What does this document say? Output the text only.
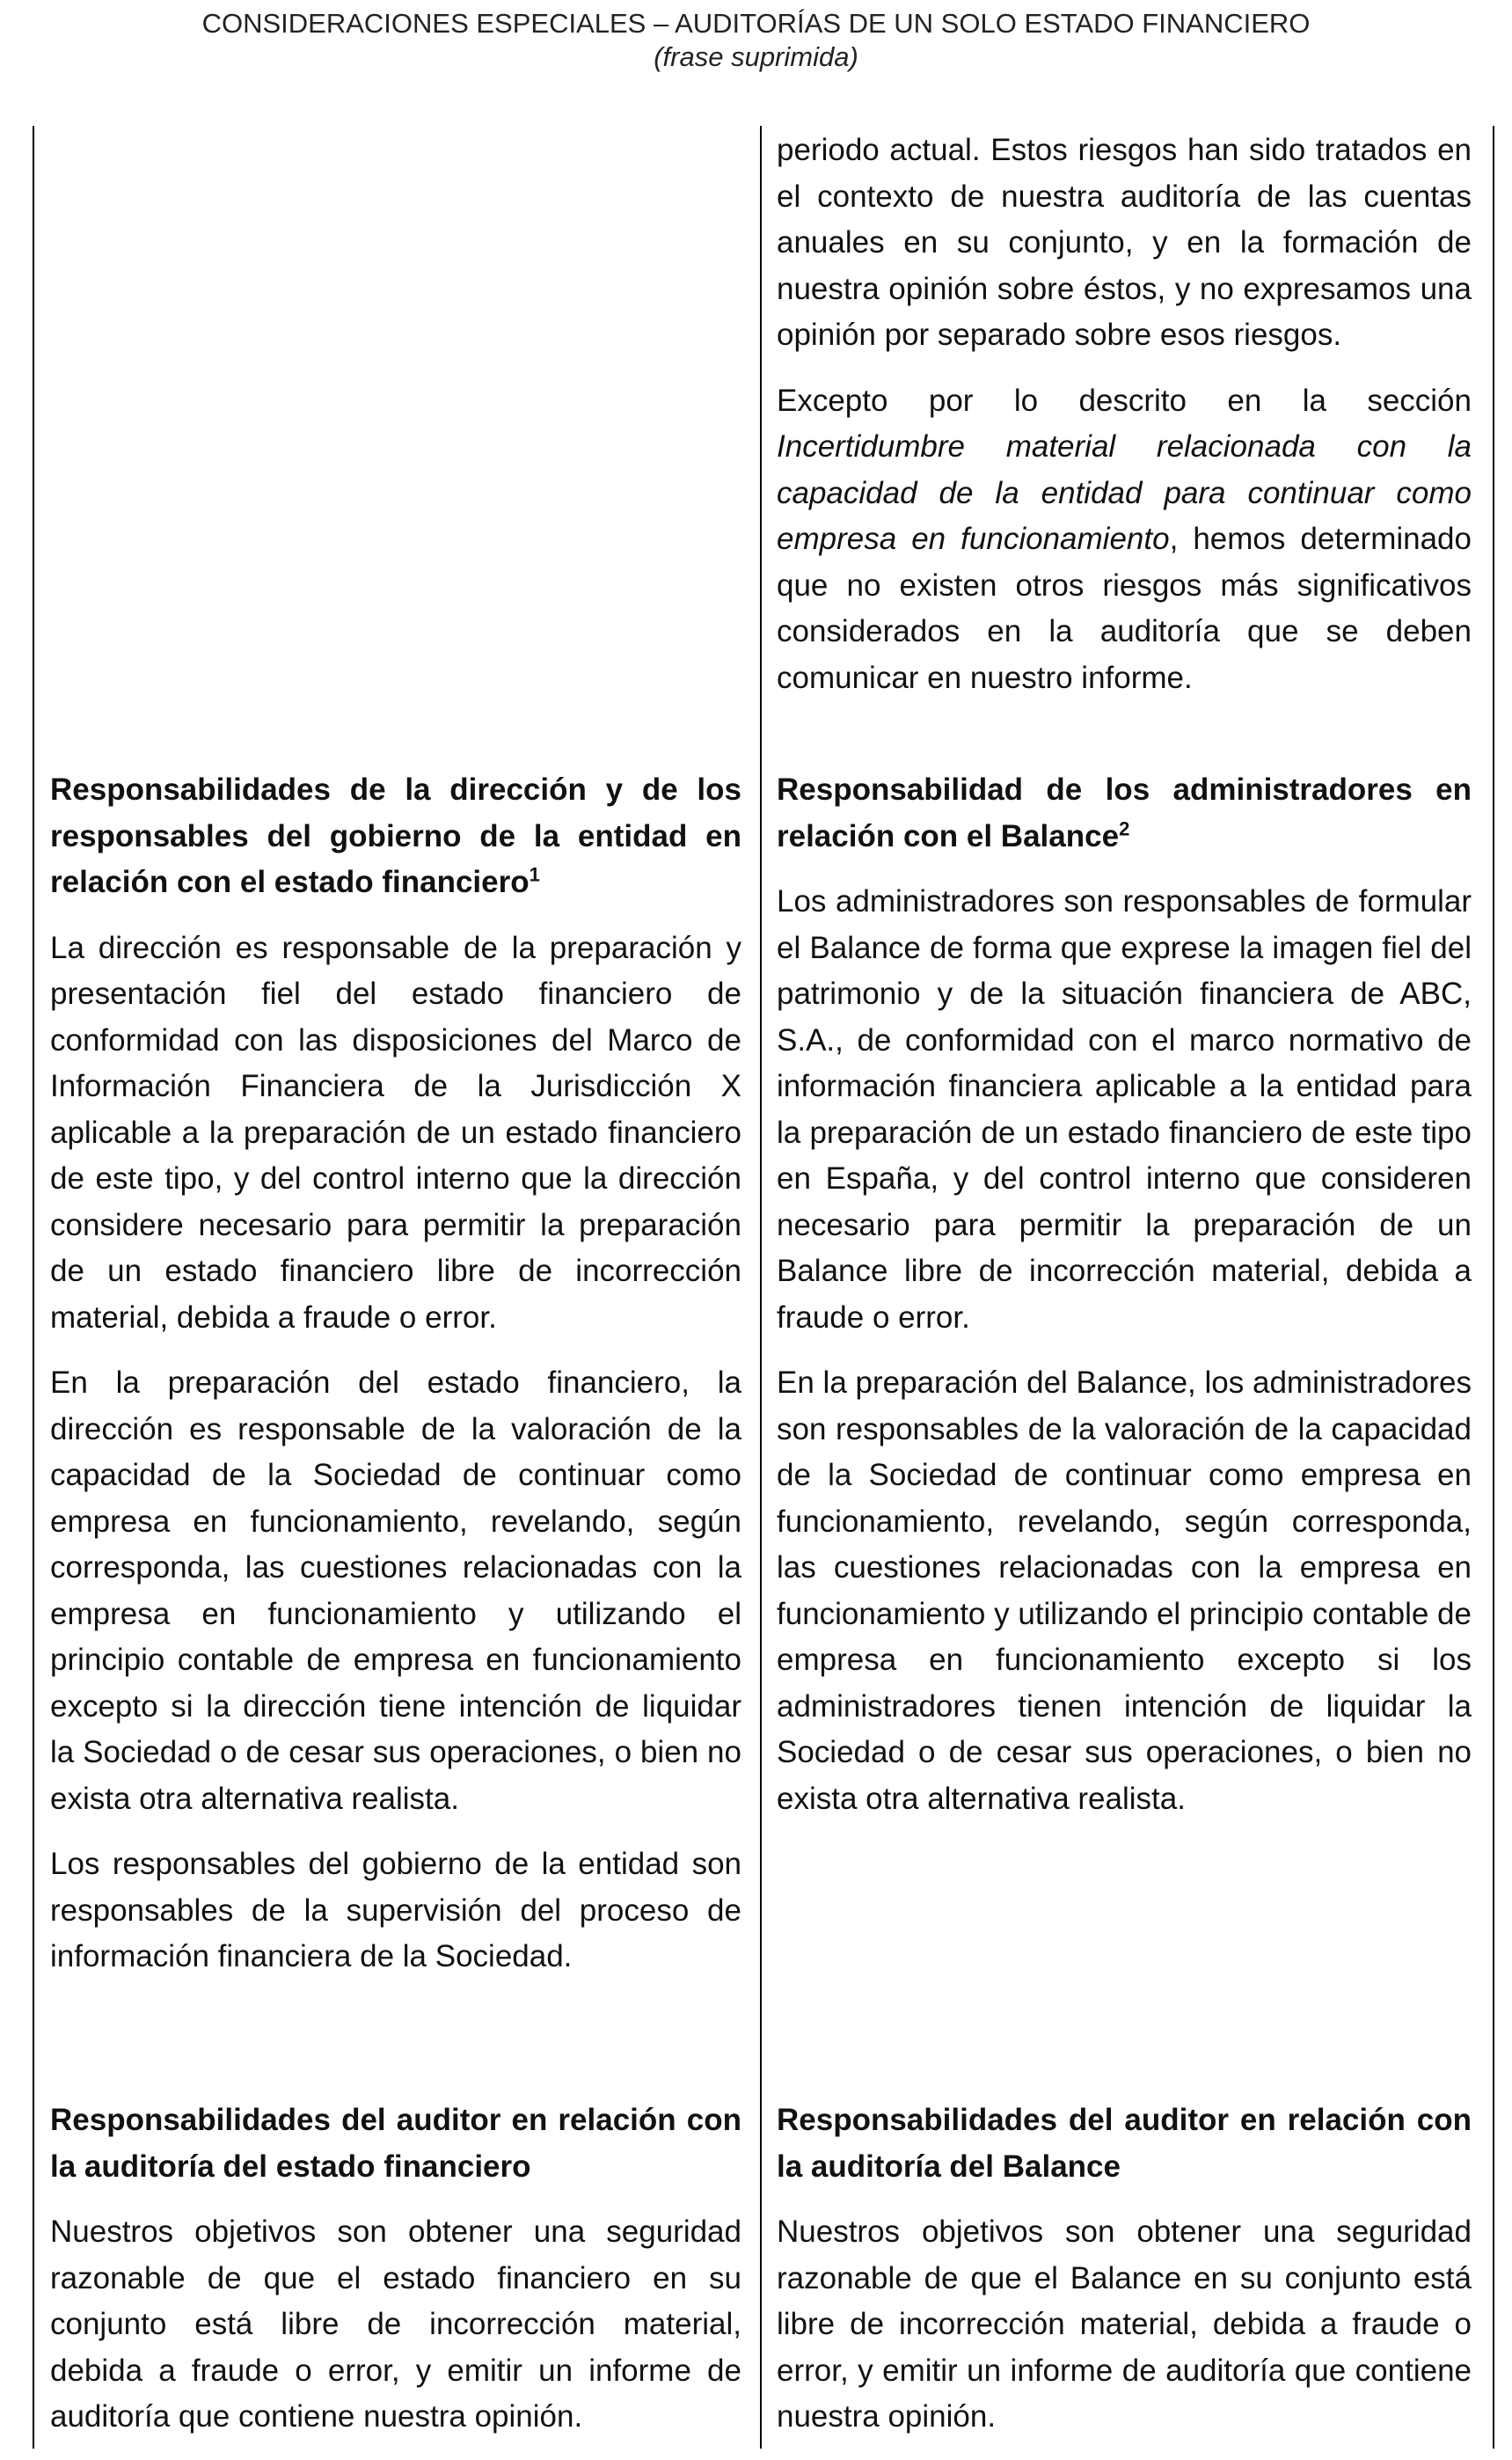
CONSIDERACIONES ESPECIALES – AUDITORÍAS DE UN SOLO ESTADO FINANCIERO
(frase suprimida)

periodo actual. Estos riesgos han sido tratados en el contexto de nuestra auditoría de las cuentas anuales en su conjunto, y en la formación de nuestra opinión sobre éstos, y no expresamos una opinión por separado sobre esos riesgos.

Excepto por lo descrito en la sección Incertidumbre material relacionada con la capacidad de la entidad para continuar como empresa en funcionamiento, hemos determinado que no existen otros riesgos más significativos considerados en la auditoría que se deben comunicar en nuestro informe.

Responsabilidades de la dirección y de los responsables del gobierno de la entidad en relación con el estado financiero$^1$

La dirección es responsable de la preparación y presentación fiel del estado financiero de conformidad con las disposiciones del Marco de Información Financiera de la Jurisdicción X aplicable a la preparación de un estado financiero de este tipo, y del control interno que la dirección considere necesario para permitir la preparación de un estado financiero libre de incorrección material, debida a fraude o error.

En la preparación del estado financiero, la dirección es responsable de la valoración de la capacidad de la Sociedad de continuar como empresa en funcionamiento, revelando, según corresponda, las cuestiones relacionadas con la empresa en funcionamiento y utilizando el principio contable de empresa en funcionamiento excepto si la dirección tiene intención de liquidar la Sociedad o de cesar sus operaciones, o bien no exista otra alternativa realista.

Los responsables del gobierno de la entidad son responsables de la supervisión del proceso de información financiera de la Sociedad.

Responsabilidad de los administradores en relación con el Balance$^2$

Los administradores son responsables de formular el Balance de forma que exprese la imagen fiel del patrimonio y de la situación financiera de ABC, S.A., de conformidad con el marco normativo de información financiera aplicable a la entidad para la preparación de un estado financiero de este tipo en España, y del control interno que consideren necesario para permitir la preparación de un Balance libre de incorrección material, debida a fraude o error.

En la preparación del Balance, los administradores son responsables de la valoración de la capacidad de la Sociedad de continuar como empresa en funcionamiento, revelando, según corresponda, las cuestiones relacionadas con la empresa en funcionamiento y utilizando el principio contable de empresa en funcionamiento excepto si los administradores tienen intención de liquidar la Sociedad o de cesar sus operaciones, o bien no exista otra alternativa realista.

Responsabilidades del auditor en relación con la auditoría del estado financiero

Nuestros objetivos son obtener una seguridad razonable de que el estado financiero en su conjunto está libre de incorrección material, debida a fraude o error, y emitir un informe de auditoría que contiene nuestra opinión.

Responsabilidades del auditor en relación con la auditoría del Balance

Nuestros objetivos son obtener una seguridad razonable de que el Balance en su conjunto está libre de incorrección material, debida a fraude o error, y emitir un informe de auditoría que contiene nuestra opinión.
